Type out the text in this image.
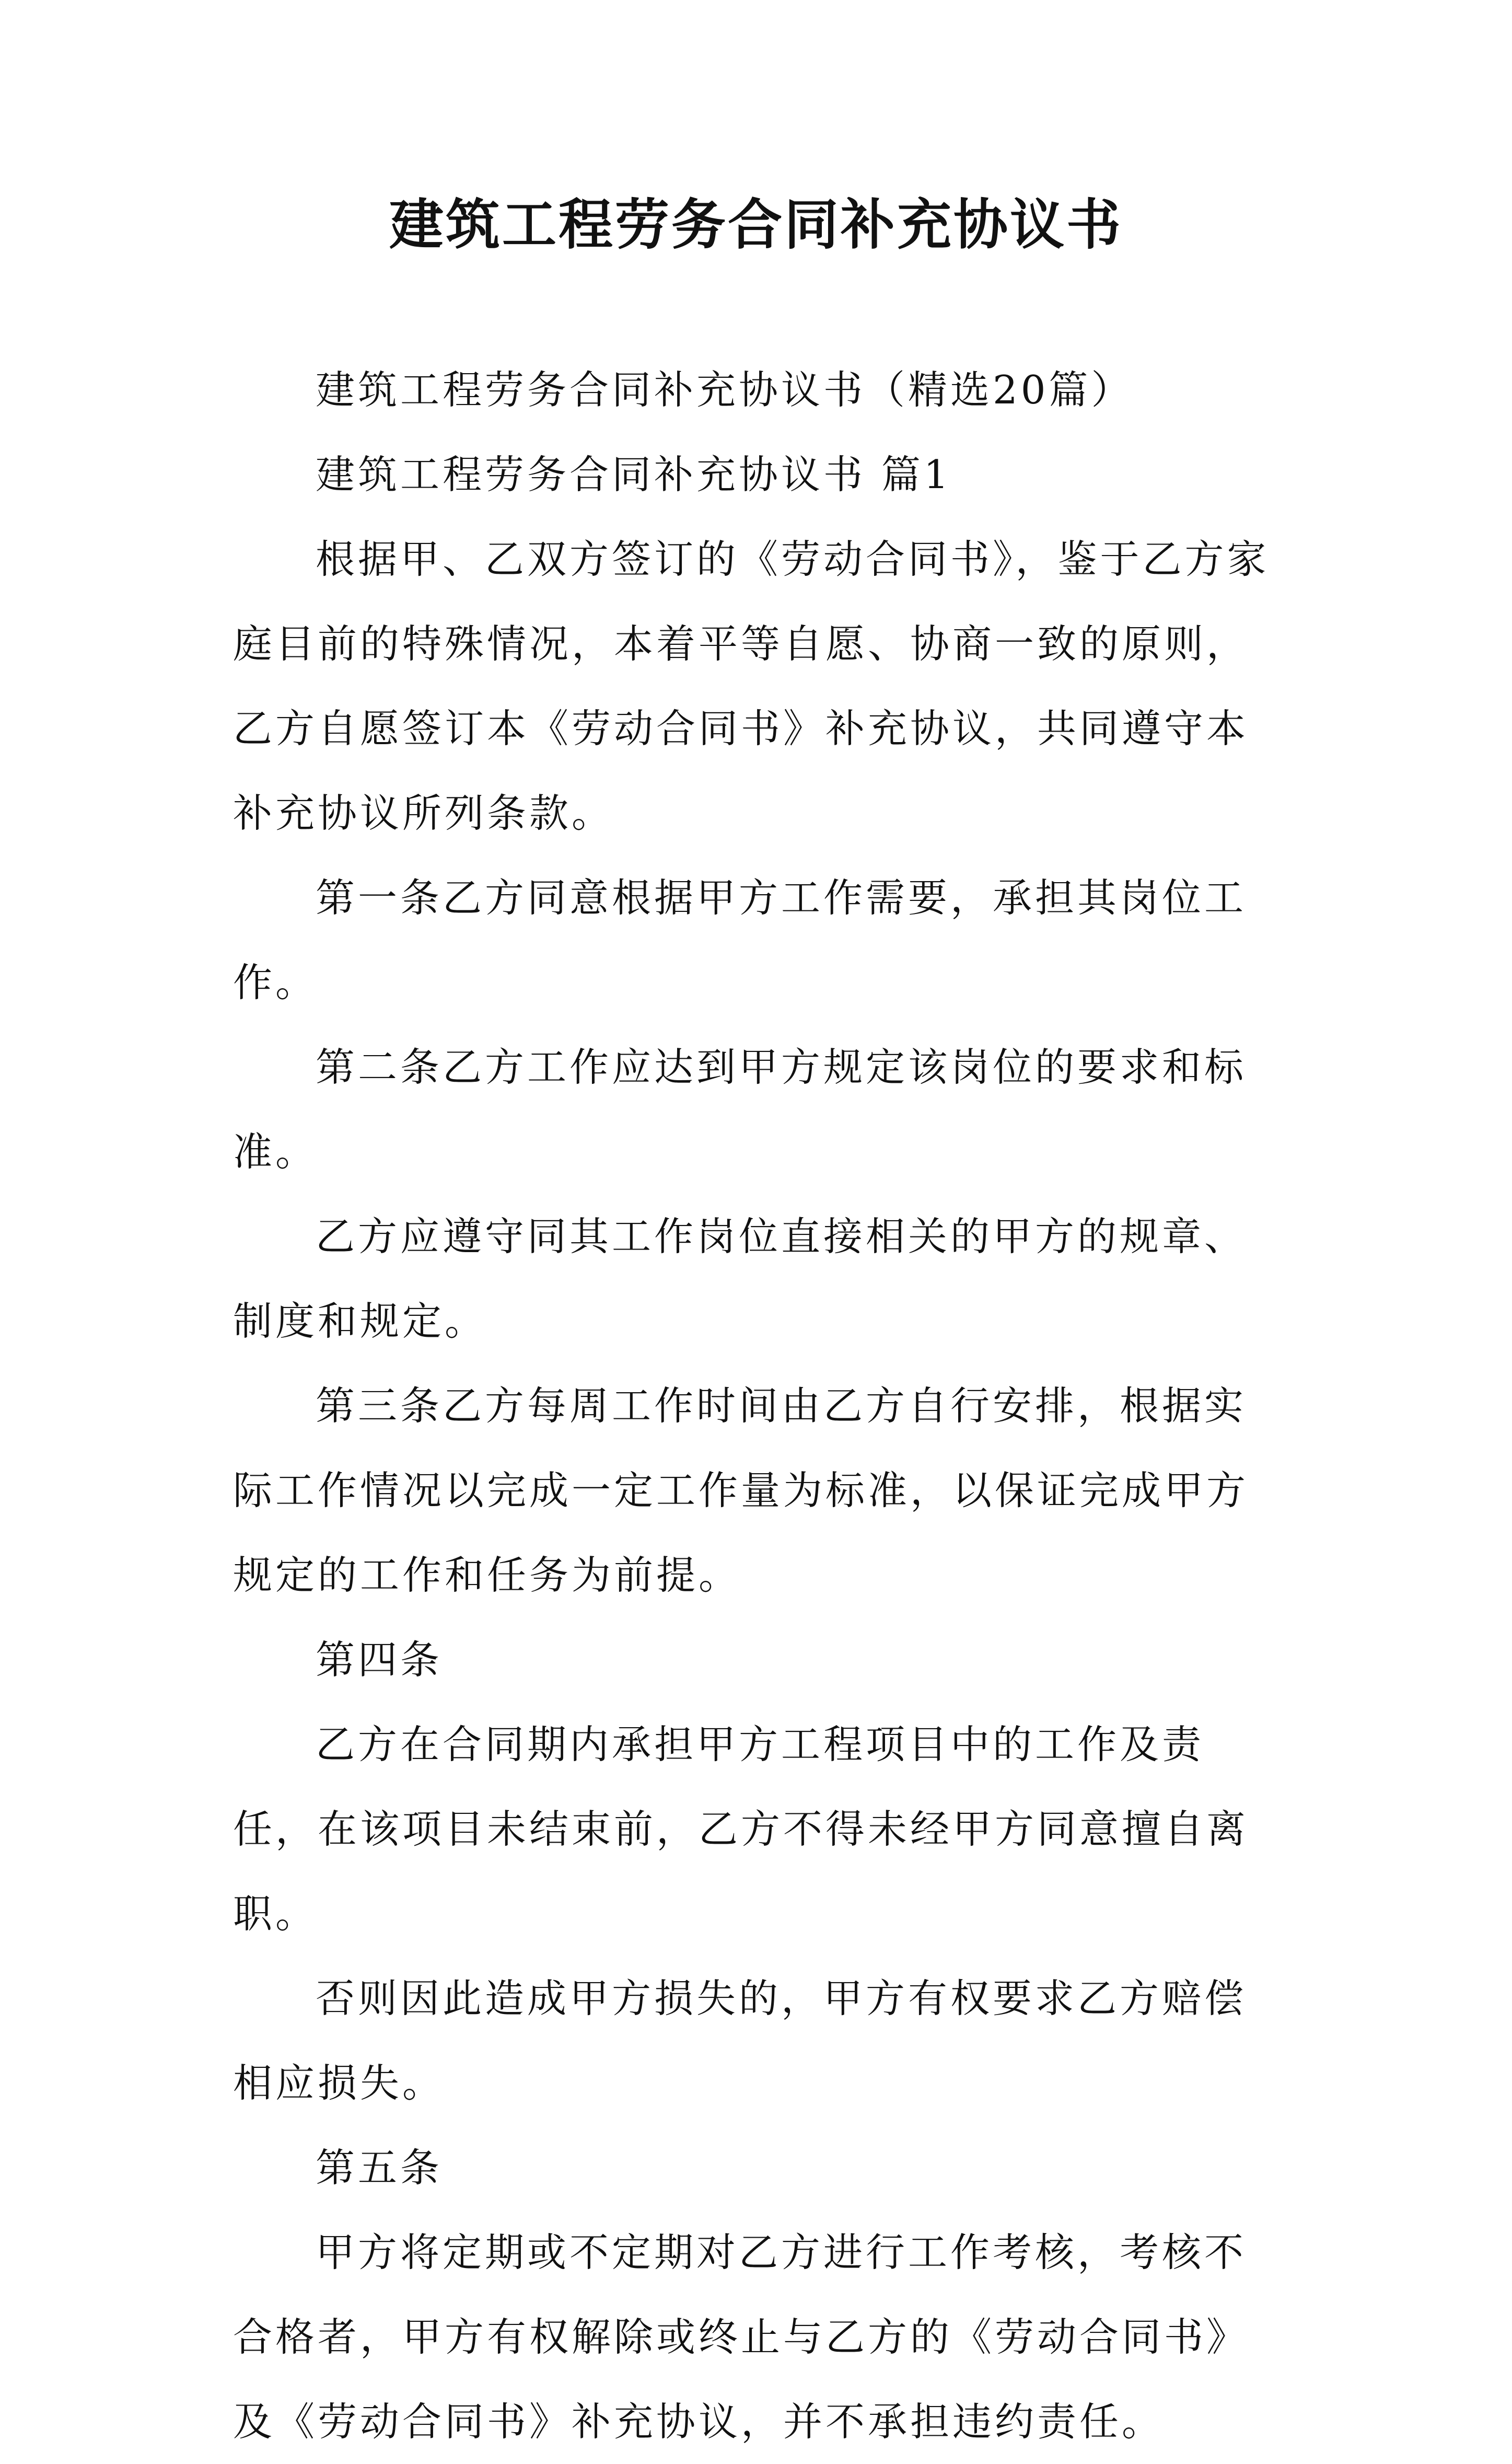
建筑工程劳务合同补充协议书

建筑工程劳务合同补充协议书（精选20篇）

建筑工程劳务合同补充协议书 篇1

根据甲、乙双方签订的《劳动合同书》，鉴于乙方家庭目前的特殊情况，本着平等自愿、协商一致的原则，乙方自愿签订本《劳动合同书》补充协议，共同遵守本补充协议所列条款。

第一条乙方同意根据甲方工作需要，承担其岗位工作。

第二条乙方工作应达到甲方规定该岗位的要求和标准。

乙方应遵守同其工作岗位直接相关的甲方的规章、制度和规定。

第三条乙方每周工作时间由乙方自行安排，根据实际工作情况以完成一定工作量为标准，以保证完成甲方规定的工作和任务为前提。

第四条

乙方在合同期内承担甲方工程项目中的工作及责任，在该项目未结束前，乙方不得未经甲方同意擅自离职。

否则因此造成甲方损失的，甲方有权要求乙方赔偿相应损失。

第五条

甲方将定期或不定期对乙方进行工作考核，考核不合格者，甲方有权解除或终止与乙方的《劳动合同书》及《劳动合同书》补充协议，并不承担违约责任。
